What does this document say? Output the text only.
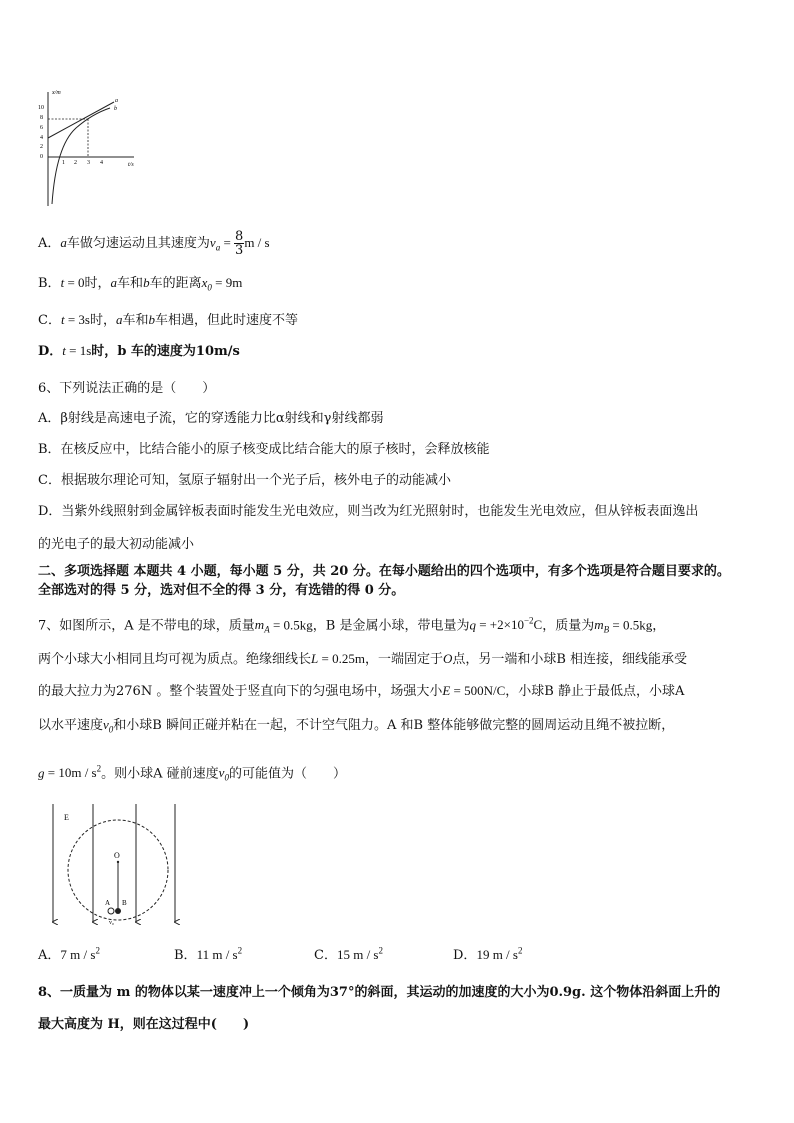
x/m
t/s
10
8
6
4
2
0
1 2 3 4
a
b
A．a车做匀速运动且其速度为$v_a = \frac{8}{3}$ m / s
B．t = 0时，a车和b车的距离$x_0 = 9m$
C．t = 3s时，a车和b车相遇，但此时速度不等
D．t = 1s时，b 车的速度为10m/s
6、下列说法正确的是（　　）
A．β射线是高速电子流，它的穿透能力比α射线和γ射线都弱
B．在核反应中，比结合能小的原子核变成比结合能大的原子核时，会释放核能
C．根据玻尔理论可知，氢原子辐射出一个光子后，核外电子的动能减小
D．当紫外线照射到金属锌板表面时能发生光电效应，则当改为红光照射时，也能发生光电效应，但从锌板表面逸出
的光电子的最大初动能减小
二、多项选择题 本题共 4 小题，每小题 5 分，共 20 分。在每小题给出的四个选项中，有多个选项是符合题目要求的。
全部选对的得 5 分，选对但不全的得 3 分，有选错的得 0 分。
7、如图所示，A 是不带电的球，质量$m_A = 0.5kg$，B 是金属小球，带电量为$q = +2\times 10^{-2}C$，质量为$m_B = 0.5kg$，
两个小球大小相同且均可视为质点。绝缘细线长L = 0.25m，一端固定于O点，另一端和小球B 相连接，细线能承受
的最大拉力为276N 。整个装置处于竖直向下的匀强电场中，场强大小E = 500N/C，小球B 静止于最低点，小球A
以水平速度$v_0$和小球B 瞬间正碰并粘在一起，不计空气阻力。A 和B 整体能够做完整的圆周运动且绳不被拉断，
$g = 10m / s^2$。则小球A 碰前速度$v_0$的可能值为（　　）
E
O
A B
v₀
A．7 m / $s^2$	B．11 m / $s^2$	C．15 m / $s^2$	D．19 m / $s^2$
8、一质量为 m 的物体以某一速度冲上一个倾角为37°的斜面，其运动的加速度的大小为0.9g. 这个物体沿斜面上升的
最大高度为 H，则在这过程中(　　)
